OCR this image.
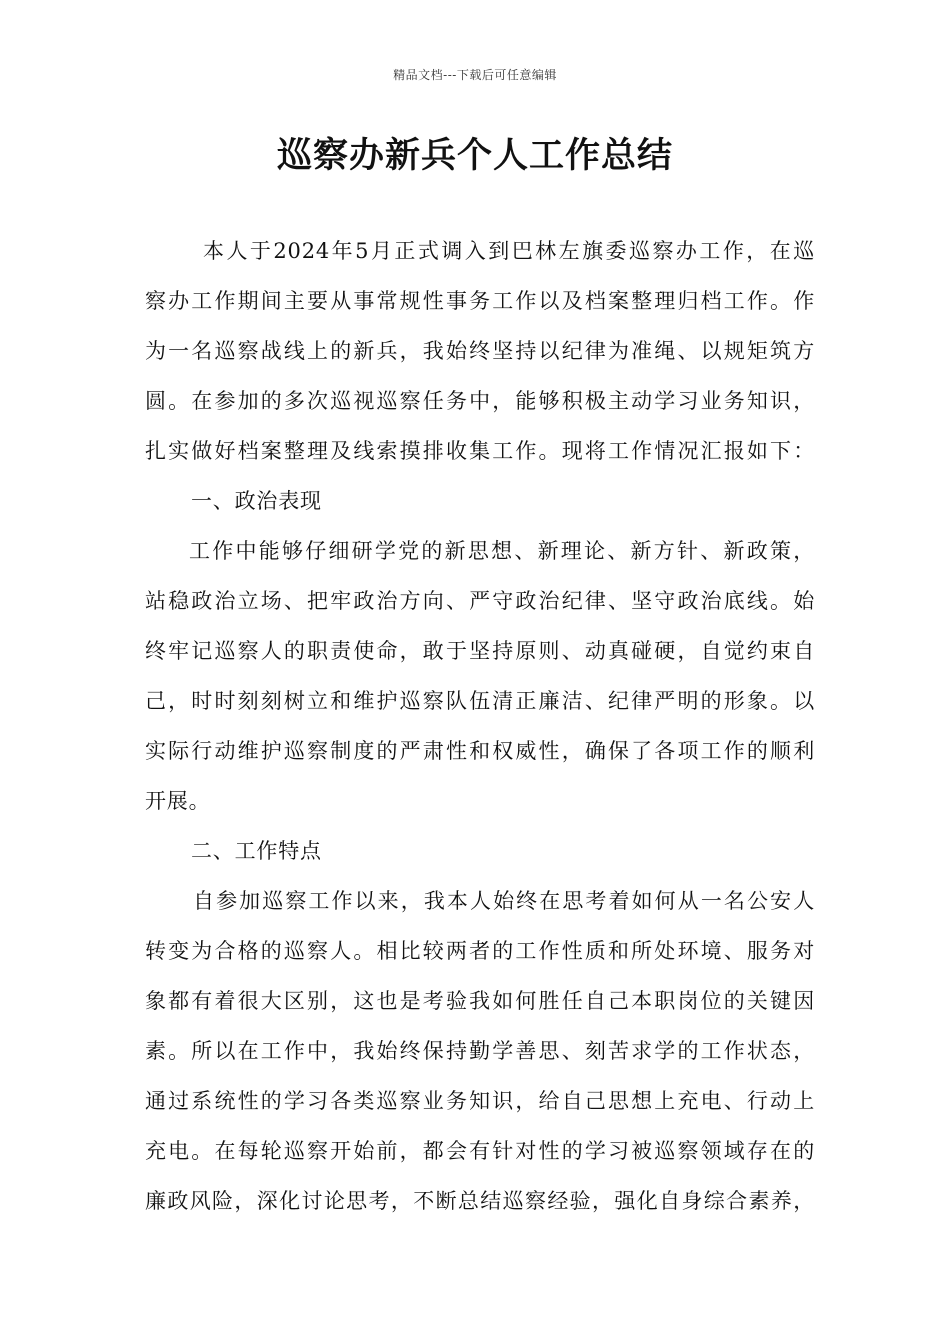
精品文档---下载后可任意编辑
巡察办新兵个人工作总结
本人于2024年5月正式调入到巴林左旗委巡察办工作，在巡
察办工作期间主要从事常规性事务工作以及档案整理归档工作。作
为一名巡察战线上的新兵，我始终坚持以纪律为准绳、以规矩筑方
圆。在参加的多次巡视巡察任务中，能够积极主动学习业务知识，
扎实做好档案整理及线索摸排收集工作。现将工作情况汇报如下：
一、政治表现
工作中能够仔细研学党的新思想、新理论、新方针、新政策，
站稳政治立场、把牢政治方向、严守政治纪律、坚守政治底线。始
终牢记巡察人的职责使命，敢于坚持原则、动真碰硬，自觉约束自
己，时时刻刻树立和维护巡察队伍清正廉洁、纪律严明的形象。以
实际行动维护巡察制度的严肃性和权威性，确保了各项工作的顺利
开展。
二、工作特点
自参加巡察工作以来，我本人始终在思考着如何从一名公安人
转变为合格的巡察人。相比较两者的工作性质和所处环境、服务对
象都有着很大区别，这也是考验我如何胜任自己本职岗位的关键因
素。所以在工作中，我始终保持勤学善思、刻苦求学的工作状态，
通过系统性的学习各类巡察业务知识，给自己思想上充电、行动上
充电。在每轮巡察开始前，都会有针对性的学习被巡察领域存在的
廉政风险，深化讨论思考，不断总结巡察经验，强化自身综合素养，
